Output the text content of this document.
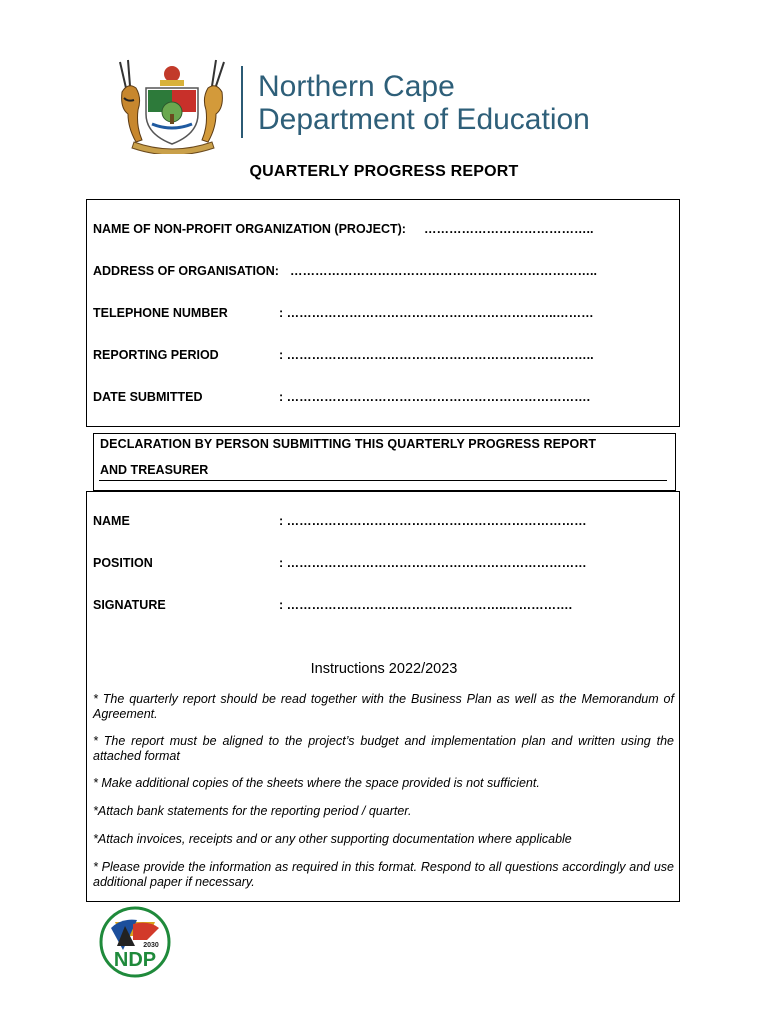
Northern Cape
Department of Education
QUARTERLY PROGRESS REPORT
NAME OF NON-PROFIT ORGANIZATION (PROJECT): …………………………………..
ADDRESS OF ORGANISATION: ………………………………………………………………..
TELEPHONE NUMBER	: ………………………………………………………..………
REPORTING PERIOD	: ………………………………………………………………..
DATE SUBMITTED	: ……………………………………………………………….
DECLARATION BY PERSON SUBMITTING THIS QUARTERLY PROGRESS REPORT
AND TREASURER
NAME	: ………………………………………………………………
POSITION	: ………………………………………………………………
SIGNATURE	: ……………………………………………..…………….
Instructions 2022/2023
* The quarterly report should be read together with the Business Plan as well as the Memorandum of Agreement.
* The report must be aligned to the project’s budget and implementation plan and written using the attached format
* Make additional copies of the sheets where the space provided is not sufficient.
*Attach bank statements for the reporting period / quarter.
*Attach invoices, receipts and or any other supporting documentation where applicable
* Please provide the information as required in this format. Respond to all questions accordingly and use additional paper if necessary.
2030
NDP
